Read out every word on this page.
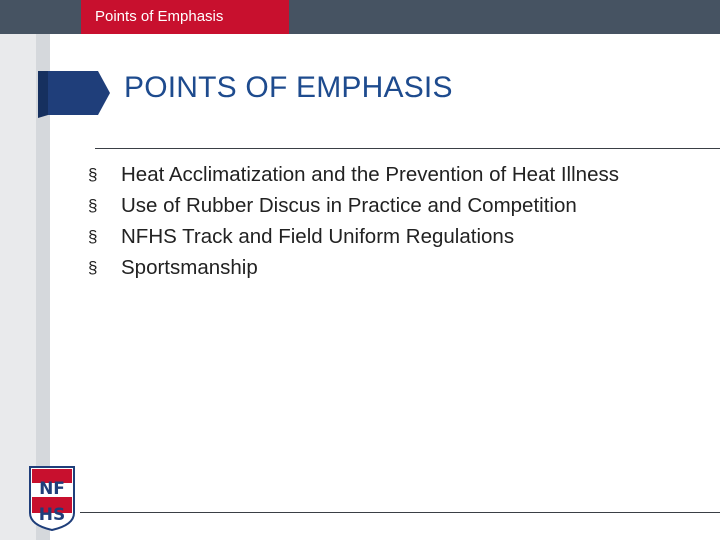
Points of Emphasis
POINTS OF EMPHASIS
§	Heat Acclimatization and the Prevention of Heat Illness
§	Use of Rubber Discus in Practice and Competition
§	NFHS Track and Field Uniform Regulations
§	Sportsmanship
NF
HS
